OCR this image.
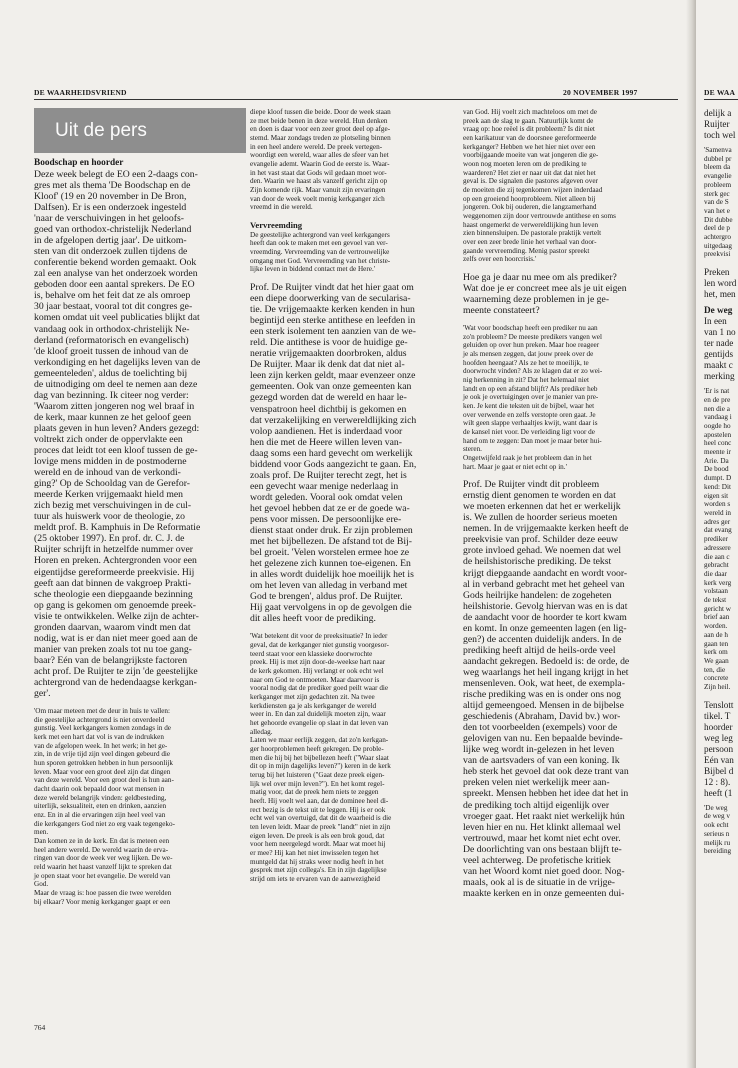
DE WAARHEIDSVRIEND	20 NOVEMBER 1997	DE WAA
Uit de pers
Boodschap en hoorder
Deze week belegt de EO een 2-daags con-
gres met als thema 'De Boodschap en de
Kloof' (19 en 20 november in De Bron,
Dalfsen). Er is een onderzoek ingesteld
'naar de verschuivingen in het geloofs-
goed van orthodox-christelijk Nederland
in de afgelopen dertig jaar'. De uitkom-
sten van dit onderzoek zullen tijdens de
conferentie bekend worden gemaakt. Ook
zal een analyse van het onderzoek worden
geboden door een aantal sprekers. De EO
is, behalve om het feit dat ze als omroep
30 jaar bestaat, vooral tot dit congres ge-
komen omdat uit veel publicaties blijkt dat
vandaag ook in orthodox-christelijk Ne-
derland (reformatorisch en evangelisch)
'de kloof groeit tussen de inhoud van de
verkondiging en het dagelijks leven van de
gemeenteleden', aldus de toelichting bij
de uitnodiging om deel te nemen aan deze
dag van bezinning. Ik citeer nog verder:
'Waarom zitten jongeren nog wel braaf in
de kerk, maar kunnen ze het geloof geen
plaats geven in hun leven? Anders gezegd:
voltrekt zich onder de oppervlakte een
proces dat leidt tot een kloof tussen de ge-
lovige mens midden in de postmoderne
wereld en de inhoud van de verkondi-
ging?' Op de Schooldag van de Gerefor-
meerde Kerken vrijgemaakt hield men
zich bezig met verschuivingen in de cul-
tuur als huiswerk voor de theologie, zo
meldt prof. B. Kamphuis in De Reformatie
(25 oktober 1997). En prof. dr. C. J. de
Ruijter schrijft in hetzelfde nummer over
Horen en preken. Achtergronden voor een
eigentijdse gereformeerde preekvisie. Hij
geeft aan dat binnen de vakgroep Prakti-
sche theologie een diepgaande bezinning
op gang is gekomen om genoemde preek-
visie te ontwikkelen. Welke zijn de achter-
gronden daarvan, waarom vindt men dat
nodig, wat is er dan niet meer goed aan de
manier van preken zoals tot nu toe gang-
baar? Eén van de belangrijkste factoren
acht prof. De Ruijter te zijn 'de geestelijke
achtergrond van de hedendaagse kerkgan-
ger'.
'Om maar meteen met de deur in huis te vallen:
die geestelijke achtergrond is niet onverdeeld
gunstig. Veel kerkgangers komen zondags in de
kerk met een hart dat vol is van de indrukken
van de afgelopen week. In het werk; in het ge-
zin, in de vrije tijd zijn veel dingen gebeurd die
hun sporen getrokken hebben in hun persoonlijk
leven. Maar voor een groot deel zijn dat dingen
van deze wereld. Voor een groot deel is hun aan-
dacht daarin ook bepaald door wat mensen in
deze wereld belangrijk vinden: geldbesteding,
uiterlijk, seksualiteit, eten en drinken, aanzien
enz. En in al die ervaringen zijn heel veel van
die kerkgangers God niet zo erg vaak tegengeko-
men.
Dan komen ze in de kerk. En dat is meteen een
heel andere wereld. De wereld waarin de erva-
ringen van door de week ver weg lijken. De we-
reld waarin het haast vanzelf lijkt te spreken dat
je open staat voor het evangelie. De wereld van
God.
Maar de vraag is: hoe passen die twee werelden
bij elkaar? Voor menig kerkganger gaapt er een
diepe kloof tussen die beide. Door de week staan
ze met beide benen in deze wereld. Hun denken
en doen is daar voor een zeer groot deel op afge-
stemd. Maar zondags treden ze plotseling binnen
in een heel andere wereld. De preek vertegen-
woordigt een wereld, waar alles de sfeer van het
evangelie ademt. Waarin God de eerste is. Waar-
in het vast staat dat Gods wil gedaan moet wor-
den. Waarin we haast als vanzelf gericht zijn op
Zijn komende rijk. Maar vanuit zijn ervaringen
van door de week voelt menig kerkganger zich
vreemd in die wereld.
Vervreemding
De geestelijke achtergrond van veel kerkgangers
heeft dan ook te maken met een gevoel van ver-
vreemding. Vervreemding van de vertrouwelijke
omgang met God. Vervreemding van het christe-
lijke leven in biddend contact met de Here.'
Prof. De Ruijter vindt dat het hier gaat om
een diepe doorwerking van de secularisa-
tie. De vrijgemaakte kerken kenden in hun
begintijd een sterke antithese en leefden in
een sterk isolement ten aanzien van de we-
reld. Die antithese is voor de huidige ge-
neratie vrijgemaakten doorbroken, aldus
De Ruijter. Maar ik denk dat dat niet al-
leen zijn kerken geldt, maar evenzeer onze
gemeenten. Ook van onze gemeenten kan
gezegd worden dat de wereld en haar le-
venspatroon heel dichtbij is gekomen en
dat verzakelijking en verwereldlijking zich
volop aandienen. Het is inderdaad voor
hen die met de Heere willen leven van-
daag soms een hard gevecht om werkelijk
biddend voor Gods aangezicht te gaan. En,
zoals prof. De Ruijter terecht zegt, het is
een gevecht waar menige nederlaag in
wordt geleden. Vooral ook omdat velen
het gevoel hebben dat ze er de goede wa-
pens voor missen. De persoonlijke ere-
dienst staat onder druk. Er zijn problemen
met het bijbellezen. De afstand tot de Bij-
bel groeit. 'Velen worstelen ermee hoe ze
het gelezene zich kunnen toe-eigenen. En
in alles wordt duidelijk hoe moeilijk het is
om het leven van alledag in verband met
God te brengen', aldus prof. De Ruijter.
Hij gaat vervolgens in op de gevolgen die
dit alles heeft voor de prediking.
'Wat betekent dit voor de preeksituatie? In ieder
geval, dat de kerkganger niet gunstig voorgesor-
teerd staat voor een klassieke doorwrochte
preek. Hij is met zijn door-de-weekse hart naar
de kerk gekomen. Hij verlangt er ook echt wel
naar om God te ontmoeten. Maar daarvoor is
vooral nodig dat de prediker goed peilt waar die
kerkganger met zijn gedachten zit. Na twee
kerkdiensten ga je als kerkganger de wereld
weer in. En dan zal duidelijk moeten zijn, waar
het gehoorde evangelie op slaat in dat leven van
alledag.
Laten we maar eerlijk zeggen, dat zo'n kerkgan-
ger hoorproblemen heeft gekregen. De proble-
men die hij bij het bijbellezen heeft ("Waar slaat
dit op in mijn dagelijks leven?") keren in de kerk
terug bij het luisteren ("Gaat deze preek eigen-
lijk wel over mijn leven?"). En het komt regel-
matig voor, dat de preek hem niets te zeggen
heeft. Hij voelt wel aan, dat de dominee heel di-
rect bezig is de tekst uit te leggen. Hij is er ook
echt wel van overtuigd, dat dit de waarheid is die
ten leven leidt. Maar de preek "landt" niet in zijn
eigen leven. De preek is als een brok goud, dat
voor hem neergelegd wordt. Maar wat moet hij
er mee? Hij kan het niet inwisselen tegen het
muntgeld dat hij straks weer nodig heeft in het
gesprek met zijn collega's. En in zijn dagelijkse
strijd om iets te ervaren van de aanwezigheid
van God. Hij voelt zich machteloos om met de
preek aan de slag te gaan. Natuurlijk komt de
vraag op: hoe reëel is dit probleem? Is dit niet
een karikatuur van de doorsnee gereformeerde
kerkganger? Hebben we het hier niet over een
voorbijgaande moeite van wat jongeren die ge-
woon nog moeten leren om de prediking te
waarderen? Het ziet er naar uit dat dat niet het
geval is. De signalen die pastores afgeven over
de moeiten die zij tegenkomen wijzen inderdaad
op een groeiend hoorprobleem. Niet alleen bij
jongeren. Ook bij ouderen, die langzamerhand
weggenomen zijn door vertrouwde antithese en soms
haast ongemerkt de verwereldlijking hun leven
zien binnensluipen. De pastorale praktijk vertelt
over een zeer brede linie het verhaal van door-
gaande vervreemding. Menig pastor spreekt
zelfs over een hoorcrisis.'
Hoe ga je daar nu mee om als prediker?
Wat doe je er concreet mee als je uit eigen
waarneming deze problemen in je ge-
meente constateert?
'Wat voor boodschap heeft een prediker nu aan
zo'n probleem? De meeste predikers vangen wel
geluiden op over hun preken. Maar hoe reageer
je als mensen zeggen, dat jouw preek over de
hoofden heengaat? Als ze het te moeilijk, te
doorwrocht vinden? Als ze klagen dat er zo wei-
nig herkenning in zit? Dat het helemaal niet
landt en op een afstand blijft? Als prediker heb
je ook je overtuigingen over je manier van pre-
ken. Je kent die teksten uit de bijbel, waar het
over verwende en zelfs verstopte oren gaat. Je
wilt geen slappe verhaaltjes kwijt, want daar is
de kansel niet voor. De verleiding ligt voor de
hand om te zeggen: Dan moet je maar beter hui-
steren.
Ongetwijfeld raak je het probleem dan in het
hart. Maar je gaat er niet echt op in.'
Prof. De Ruijter vindt dit probleem
ernstig dient genomen te worden en dat
we moeten erkennen dat het er werkelijk
is. We zullen de hoorder serieus moeten
nemen. In de vrijgemaakte kerken heeft de
preekvisie van prof. Schilder deze eeuw
grote invloed gehad. We noemen dat wel
de heilshistorische prediking. De tekst
krijgt diepgaande aandacht en wordt voor-
al in verband gebracht met het geheel van
Gods heilrijke handelen: de zogeheten
heilshistorie. Gevolg hiervan was en is dat
de aandacht voor de hoorder te kort kwam
en komt. In onze gemeenten lagen (en lig-
gen?) de accenten duidelijk anders. In de
prediking heeft altijd de heils-orde veel
aandacht gekregen. Bedoeld is: de orde, de
weg waarlangs het heil ingang krijgt in het
mensenleven. Ook, wat heet, de exempla-
rische prediking was en is onder ons nog
altijd gemeengoed. Mensen in de bijbelse
geschiedenis (Abraham, David bv.) wor-
den tot voorbeelden (exempels) voor de
gelovigen van nu. Een bepaalde bevinde-
lijke weg wordt in-gelezen in het leven
van de aartsvaders of van een koning. Ik
heb sterk het gevoel dat ook deze trant van
preken velen niet werkelijk meer aan-
spreekt. Mensen hebben het idee dat het in
de prediking toch altijd eigenlijk over
vroeger gaat. Het raakt niet werkelijk hún
leven hier en nu. Het klinkt allemaal wel
vertrouwd, maar het komt niet echt over.
De doorlichting van ons bestaan blijft te-
veel achterweg. De profetische kritiek
van het Woord komt niet goed door. Nog-
maals, ook al is de situatie in de vrijge-
maakte kerken en in onze gemeenten dui-
delijk a
Ruijter
toch wel
'Samenva
dubbel pr
bleem da
evangelie
probleem
sterk gec
van de S
van het e
Dit dubbe
deel de p
achtergro
uitgedaag
preekvisi
Preken
len word
het, men
De weg
In een
van 1 no
ter nade
gentijds
maakt c
merking
'Er is nat
en de pre
nen die a
vandaag i
oogde ho
apostelen
heel conc
meente ir
Arie. Da
De bood
dumpt. D
kend: Dit
eigen sit
worden s
wereld in
adres ger
dat evang
prediker
adressere
die aan c
gebracht
die daar
kerk verg
volstaan
de tekst
gericht w
brief aan
worden.
aan de h
gaan ten
kerk om
We gaan
ten, die
concrete
Zijn heil.
Tenslott
tikel. T
hoorder
weg leg
persoon
Eén van
Bijbel d
12 : 8).
heeft (1
'De weg
de weg v
ook echt
serieus n
melijk ru
bereiding
764
